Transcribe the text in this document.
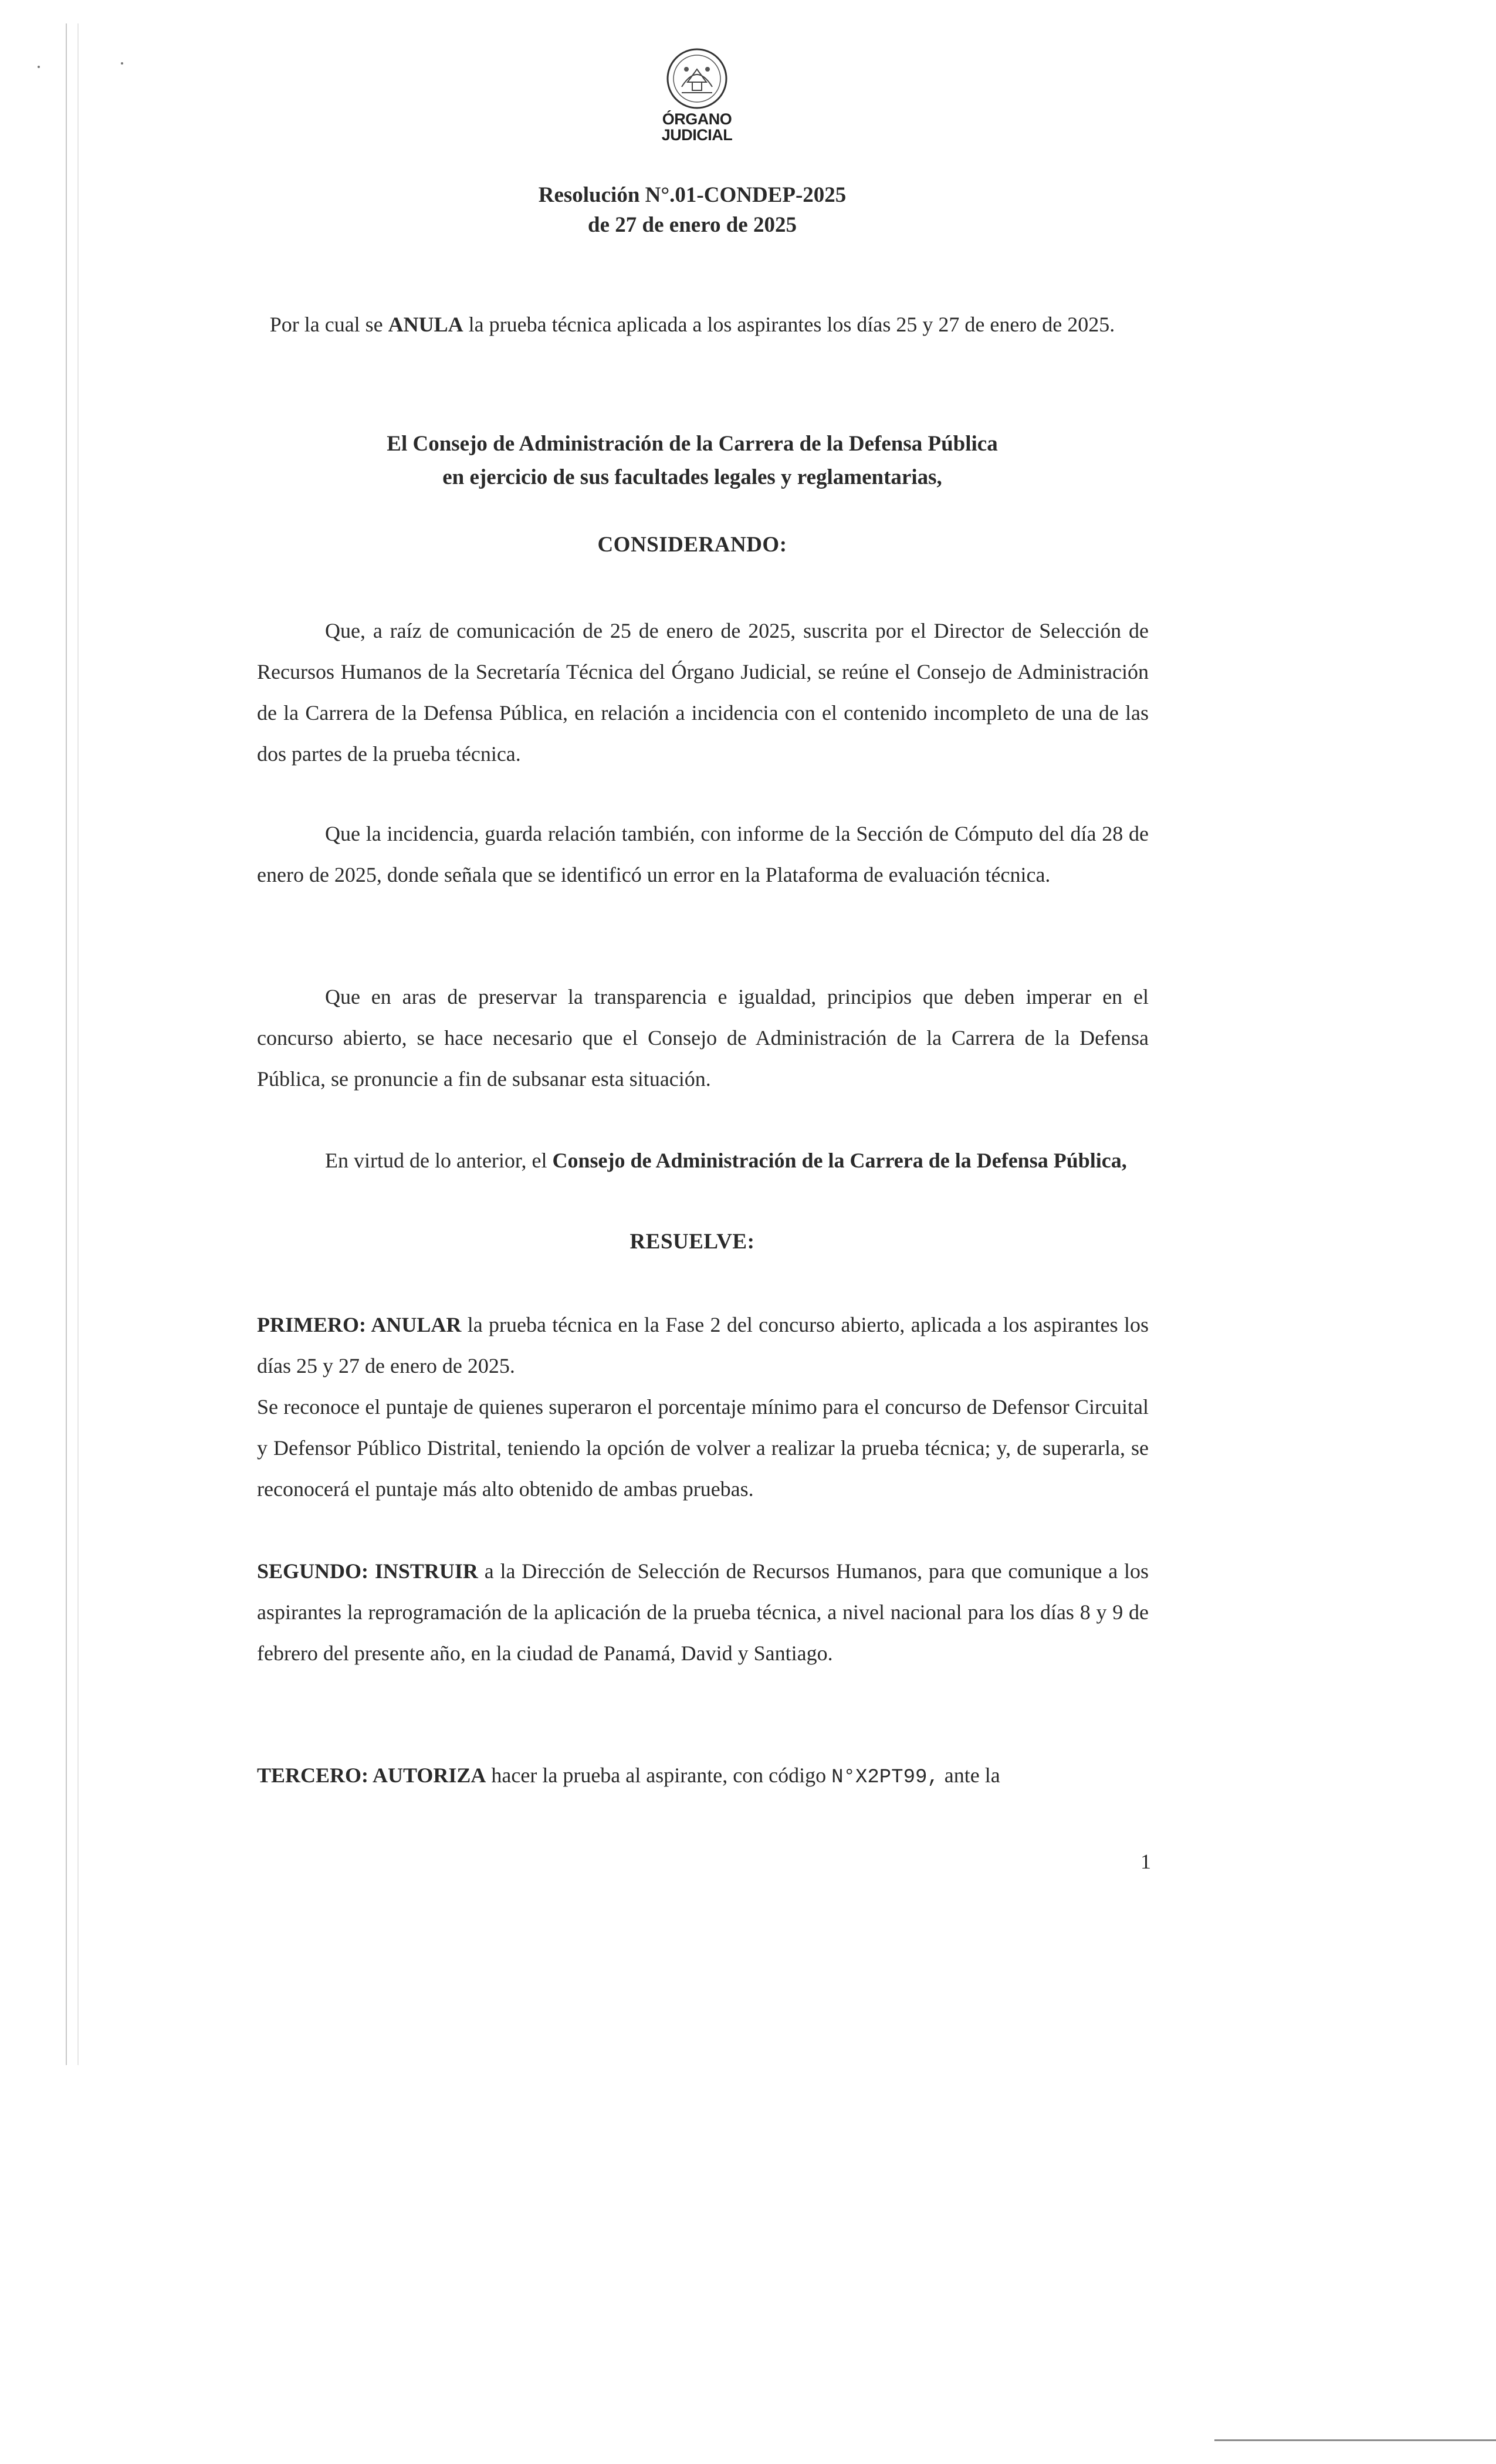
ÓRGANO
JUDICIAL
Resolución N°.01-CONDEP-2025
de 27 de enero de 2025
Por la cual se ANULA la prueba técnica aplicada a los aspirantes los días 25 y 27 de enero de 2025.
El Consejo de Administración de la Carrera de la Defensa Pública
en ejercicio de sus facultades legales y reglamentarias,
CONSIDERANDO:
Que, a raíz de comunicación de 25 de enero de 2025, suscrita por el Director de Selección de Recursos Humanos de la Secretaría Técnica del Órgano Judicial, se reúne el Consejo de Administración de la Carrera de la Defensa Pública, en relación a incidencia con el contenido incompleto de una de las dos partes de la prueba técnica.
Que la incidencia, guarda relación también, con informe de la Sección de Cómputo del día 28 de enero de 2025, donde señala que se identificó un error en la Plataforma de evaluación técnica.
Que en aras de preservar la transparencia e igualdad, principios que deben imperar en el concurso abierto, se hace necesario que el Consejo de Administración de la Carrera de la Defensa Pública, se pronuncie a fin de subsanar esta situación.
En virtud de lo anterior, el Consejo de Administración de la Carrera de la Defensa Pública,
RESUELVE:
PRIMERO: ANULAR la prueba técnica en la Fase 2 del concurso abierto, aplicada a los aspirantes los días 25 y 27 de enero de 2025.
Se reconoce el puntaje de quienes superaron el porcentaje mínimo para el concurso de Defensor Circuital y Defensor Público Distrital, teniendo la opción de volver a realizar la prueba técnica; y, de superarla, se reconocerá el puntaje más alto obtenido de ambas pruebas.
SEGUNDO: INSTRUIR a la Dirección de Selección de Recursos Humanos, para que comunique a los aspirantes la reprogramación de la aplicación de la prueba técnica, a nivel nacional para los días 8 y 9 de febrero del presente año, en la ciudad de Panamá, David y Santiago.
TERCERO: AUTORIZA hacer la prueba al aspirante, con código N°X2PT99, ante la
1
